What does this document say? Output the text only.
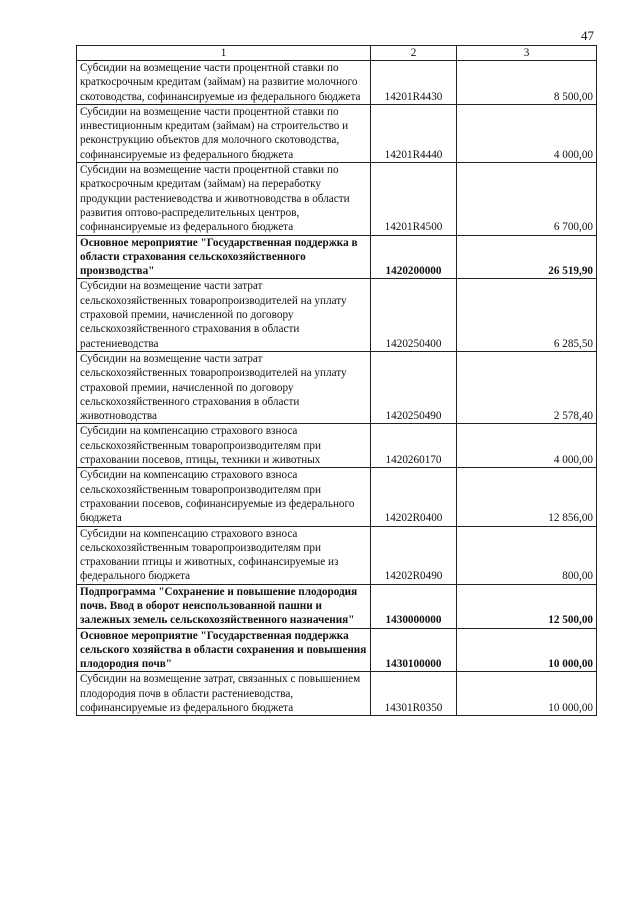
47
1	2	3
Субсидии на возмещение части процентной ставки по краткосрочным кредитам (займам) на развитие молочного скотоводства, софинансируемые из федерального бюджета	14201R4430	8 500,00
Субсидии на возмещение части процентной ставки по инвестиционным кредитам (займам) на строительство и реконструкцию объектов для молочного скотоводства, софинансируемые из федерального бюджета	14201R4440	4 000,00
Субсидии на возмещение части процентной ставки по краткосрочным кредитам (займам) на переработку продукции растениеводства и животноводства в области развития оптово-распределительных центров, софинансируемые из федерального бюджета	14201R4500	6 700,00
Основное мероприятие "Государственная поддержка в области страхования сельскохозяйственного производства"	1420200000	26 519,90
Субсидии на возмещение части затрат сельскохозяйственных товаропроизводителей на уплату страховой премии, начисленной по договору сельскохозяйственного страхования в области растениеводства	1420250400	6 285,50
Субсидии на возмещение части затрат сельскохозяйственных товаропроизводителей на уплату страховой премии, начисленной по договору сельскохозяйственного страхования в области животноводства	1420250490	2 578,40
Субсидии на компенсацию страхового взноса сельскохозяйственным товаропроизводителям при страховании посевов, птицы, техники и животных	1420260170	4 000,00
Субсидии на компенсацию страхового взноса сельскохозяйственным товаропроизводителям при страховании посевов, софинансируемые из федерального бюджета	14202R0400	12 856,00
Субсидии на компенсацию страхового взноса сельскохозяйственным товаропроизводителям при страховании птицы и животных, софинансируемые из федерального бюджета	14202R0490	800,00
Подпрограмма "Сохранение и повышение плодородия почв. Ввод в оборот неиспользованной пашни и залежных земель сельскохозяйственного назначения"	1430000000	12 500,00
Основное мероприятие "Государственная поддержка сельского хозяйства в области сохранения и повышения плодородия почв"	1430100000	10 000,00
Субсидии на возмещение затрат, связанных с повышением плодородия почв в области растениеводства, софинансируемые из федерального бюджета	14301R0350	10 000,00
